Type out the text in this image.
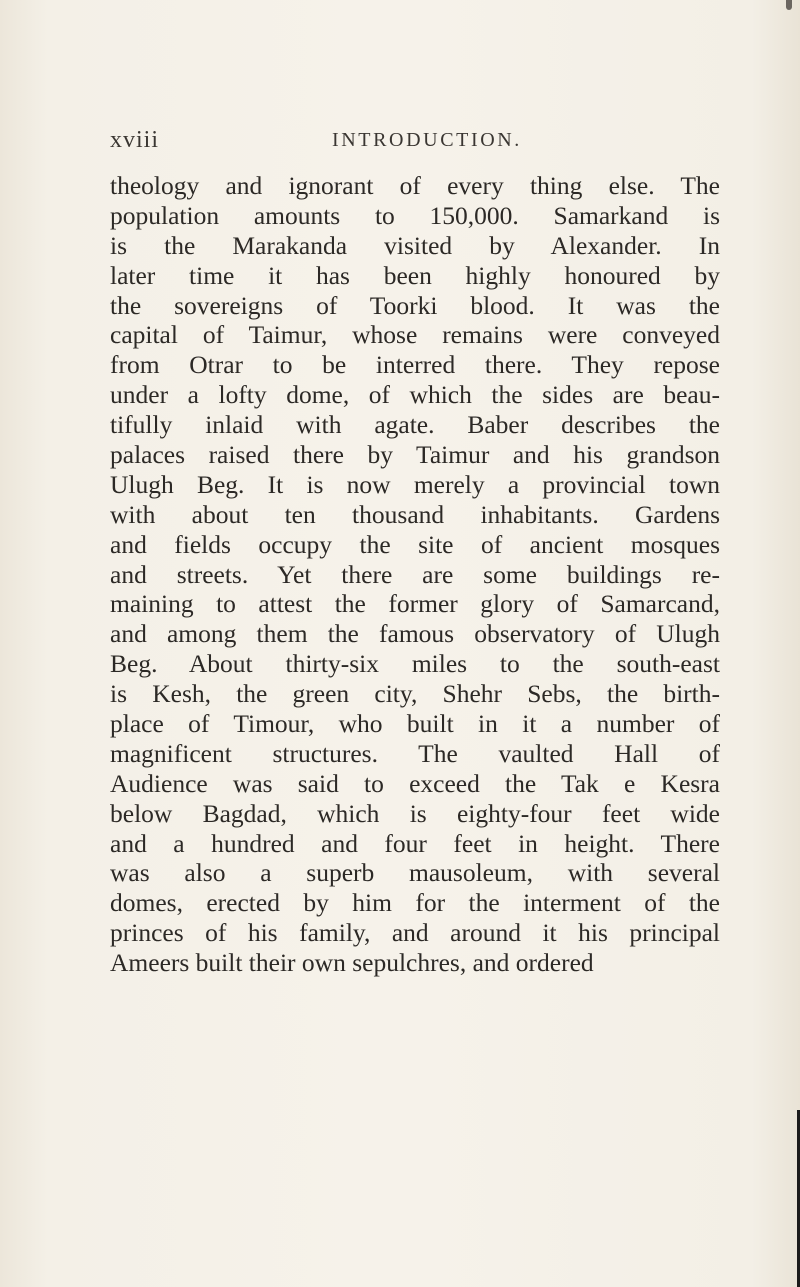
xviii	INTRODUCTION.
theology and ignorant of every thing else. The
population amounts to 150,000. Samarkand is
is the Marakanda visited by Alexander. In
later time it has been highly honoured by
the sovereigns of Toorki blood. It was the
capital of Taimur, whose remains were conveyed
from Otrar to be interred there. They repose
under a lofty dome, of which the sides are beau-
tifully inlaid with agate. Baber describes the
palaces raised there by Taimur and his grandson
Ulugh Beg. It is now merely a provincial town
with about ten thousand inhabitants. Gardens
and fields occupy the site of ancient mosques
and streets. Yet there are some buildings re-
maining to attest the former glory of Samarcand,
and among them the famous observatory of Ulugh
Beg. About thirty-six miles to the south-east
is Kesh, the green city, Shehr Sebs, the birth-
place of Timour, who built in it a number of
magnificent structures. The vaulted Hall of
Audience was said to exceed the Tak e Kesra
below Bagdad, which is eighty-four feet wide
and a hundred and four feet in height. There
was also a superb mausoleum, with several
domes, erected by him for the interment of the
princes of his family, and around it his principal
Ameers built their own sepulchres, and ordered
